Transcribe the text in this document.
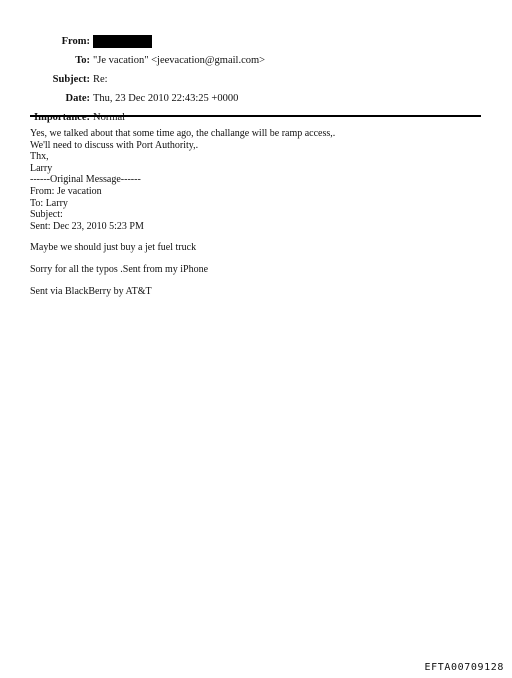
From:
To: "Je vacation" <jeevacation@gmail.com>
Subject: Re:
Date: Thu, 23 Dec 2010 22:43:25 +0000
Importance: Normal
Yes, we talked about that some time ago, the challange will be ramp access,.
We'll need to discuss with Port Authority,.
Thx,
Larry
------Original Message------
From: Je vacation
To: Larry
Subject:
Sent: Dec 23, 2010 5:23 PM
Maybe we should just buy a jet fuel truck
Sorry for all the typos .Sent from my iPhone
Sent via BlackBerry by AT&T
EFTA00709128
